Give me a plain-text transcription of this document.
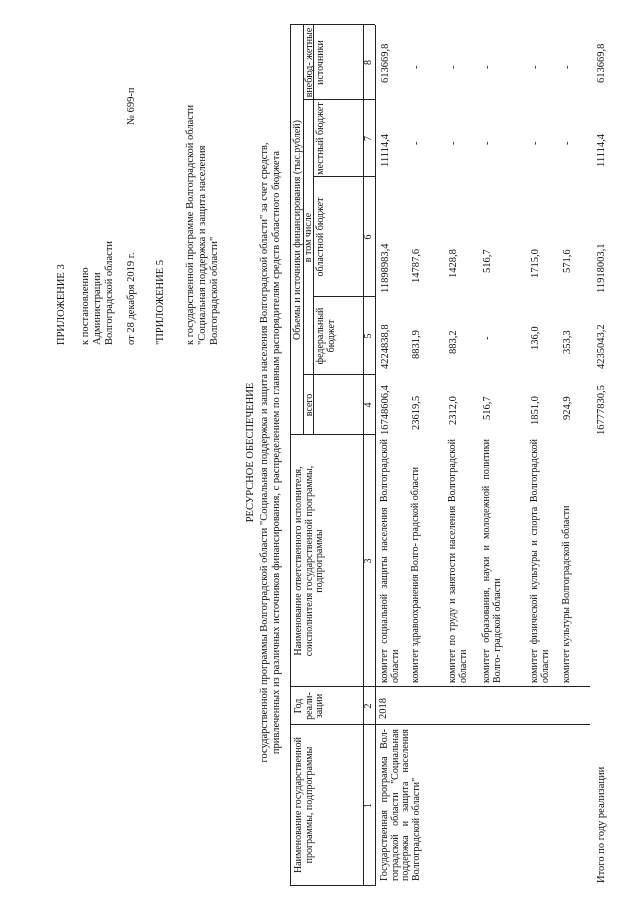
ПРИЛОЖЕНИЕ 3 к постановлению Администрации Волгоградской области от 28 декабря 2019 г.
№ 699-п
"ПРИЛОЖЕНИЕ 5 к государственной программе Волгоградской области "Социальная поддержка и защита населения Волгоградской области"
РЕСУРСНОЕ ОБЕСПЕЧЕНИЕ государственной программы Волгоградской области "Социальная поддержка и защита населения Волгоградской области" за счет средств, привлеченных из различных источников финансирования, с распределением по главным распорядителям средств областного бюджета
Наименование государственной программы, подпрограммы
Год реали- зации
Наименование ответственного исполнителя, соисполнителя государственной программы, подпрограммы
Объемы и источники финансирования (тыс.рублей)
всего
в том числе
федеральный бюджет
областной бюджет
местный бюджет
внебюд- жетные источники
1
2
3
4
5
6
7
8
Государственная программа Вол- гоградской области "Социальная поддержка и защита населения Волгоградской области"
2018
комитет социальной защиты населения Волгоградской области
16748606,4
4224838,8
11898983,4
11114,4
613669,8
комитет здравоохранения Волго- градской области
23619,5
8831,9
14787,6
-
-
комитет по труду и занятости населения Волгоградской области
2312,0
883,2
1428,8
-
-
комитет образования, науки и молодежной политики Волго- градской области
516,7
-
516,7
-
-
комитет физической культуры и спорта Волгоградской области
1851,0
136,0
1715,0
-
-
комитет культуры Волгоградской области
924,9
353,3
571,6
-
-
Итого по году реализации
16777830,5
4235043,2
11918003,1
11114,4
613669,8
